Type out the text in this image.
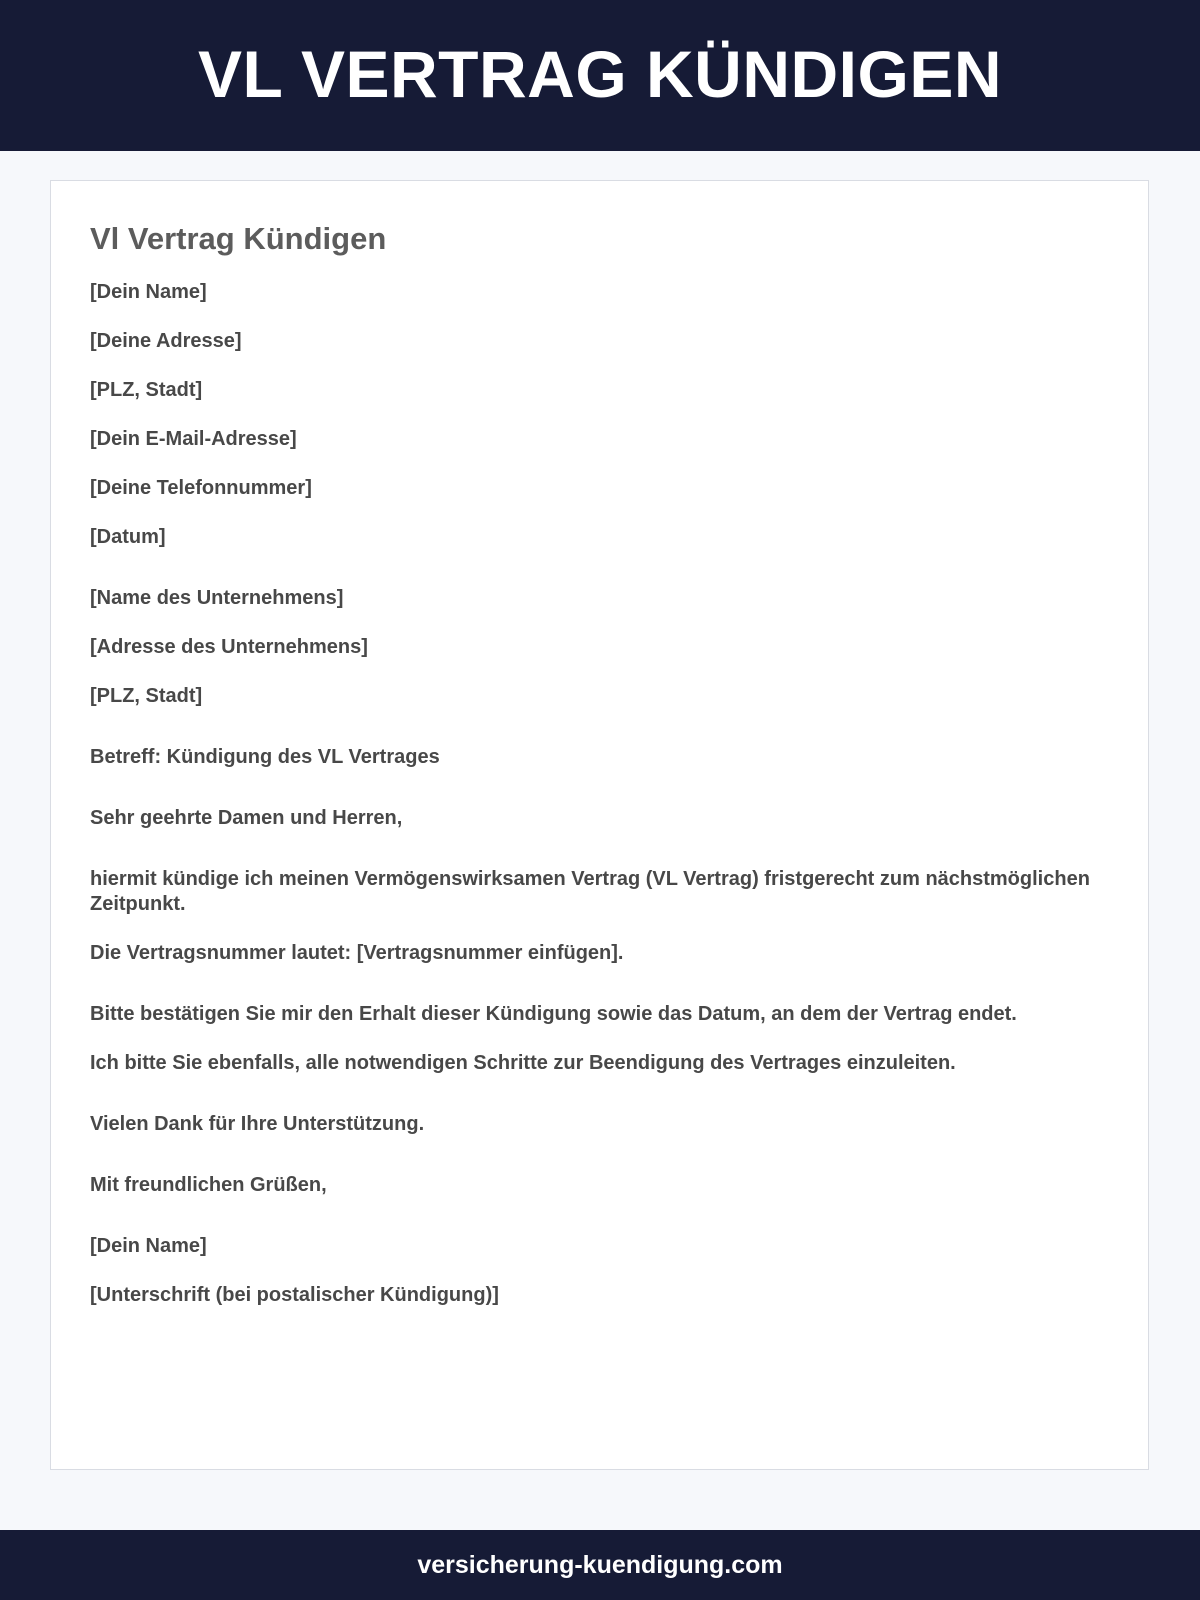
VL VERTRAG KÜNDIGEN
Vl Vertrag Kündigen

[Dein Name]

[Deine Adresse]

[PLZ, Stadt]

[Dein E-Mail-Adresse]

[Deine Telefonnummer]

[Datum]

[Name des Unternehmens]

[Adresse des Unternehmens]

[PLZ, Stadt]

Betreff: Kündigung des VL Vertrages

Sehr geehrte Damen und Herren,

hiermit kündige ich meinen Vermögenswirksamen Vertrag (VL Vertrag) fristgerecht zum nächstmöglichen Zeitpunkt.

Die Vertragsnummer lautet: [Vertragsnummer einfügen].

Bitte bestätigen Sie mir den Erhalt dieser Kündigung sowie das Datum, an dem der Vertrag endet.

Ich bitte Sie ebenfalls, alle notwendigen Schritte zur Beendigung des Vertrages einzuleiten.

Vielen Dank für Ihre Unterstützung.

Mit freundlichen Grüßen,

[Dein Name]

[Unterschrift (bei postalischer Kündigung)]

versicherung-kuendigung.com
